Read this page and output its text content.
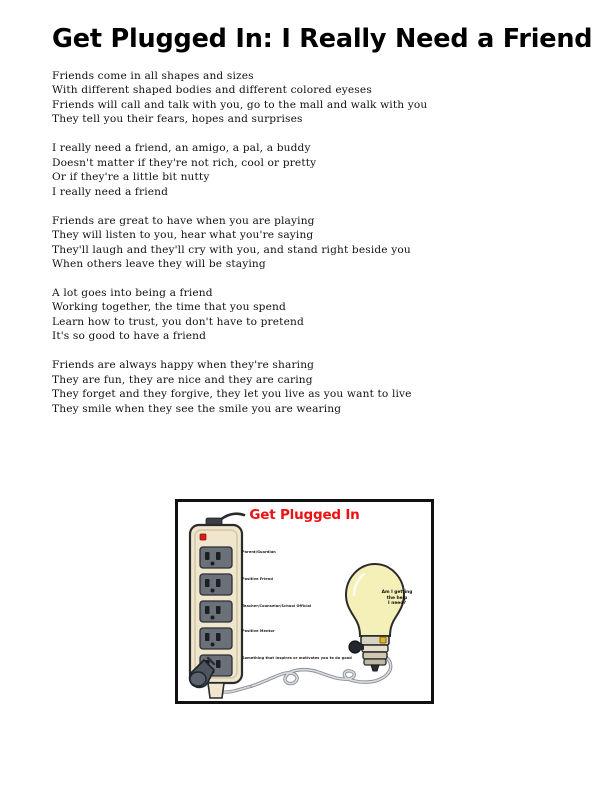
Get Plugged In: I Really Need a Friend
Friends come in all shapes and sizes
With different shaped bodies and different colored eyeses
Friends will call and talk with you, go to the mall and walk with you
They tell you their fears, hopes and surprises
I really need a friend, an amigo, a pal, a buddy
Doesn't matter if they're not rich, cool or pretty
Or if they're a little bit nutty
I really need a friend
Friends are great to have when you are playing
They will listen to you, hear what you're saying
They'll laugh and they'll cry with you, and stand right beside you
When others leave they will be staying
A lot goes into being a friend
Working together, the time that you spend
Learn how to trust, you don't have to pretend
It's so good to have a friend
Friends are always happy when they're sharing
They are fun, they are nice and they are caring
They forget and they forgive, they let you live as you want to live
They smile when they see the smile you are wearing
Get Plugged In
Parent/Guardian
Positive Friend
Teacher/Counselor/School Official
Positive Mentor
Something that inspires or motivates you to do good
Am I getting
the help
I need?
